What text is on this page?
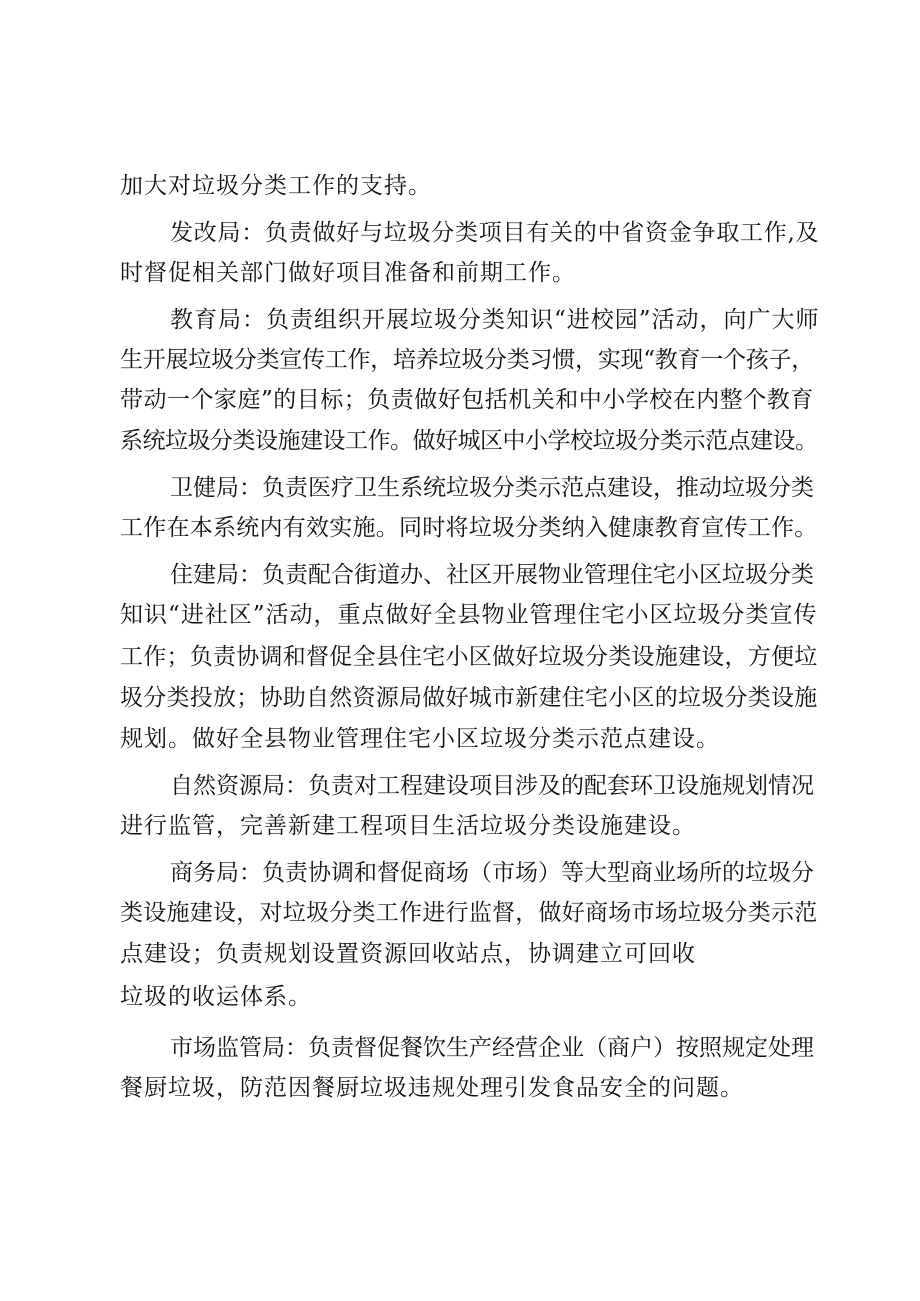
加大对垃圾分类工作的支持。
发改局：负责做好与垃圾分类项目有关的中省资金争取工作,及
时督促相关部门做好项目准备和前期工作。
教育局：负责组织开展垃圾分类知识“进校园”活动，向广大师
生开展垃圾分类宣传工作，培养垃圾分类习惯，实现“教育一个孩子，
带动一个家庭”的目标；负责做好包括机关和中小学校在内整个教育
系统垃圾分类设施建设工作。做好城区中小学校垃圾分类示范点建设。
卫健局：负责医疗卫生系统垃圾分类示范点建设，推动垃圾分类
工作在本系统内有效实施。同时将垃圾分类纳入健康教育宣传工作。
住建局：负责配合街道办、社区开展物业管理住宅小区垃圾分类
知识“进社区”活动，重点做好全县物业管理住宅小区垃圾分类宣传
工作；负责协调和督促全县住宅小区做好垃圾分类设施建设，方便垃
圾分类投放；协助自然资源局做好城市新建住宅小区的垃圾分类设施
规划。做好全县物业管理住宅小区垃圾分类示范点建设。
自然资源局：负责对工程建设项目涉及的配套环卫设施规划情况
进行监管，完善新建工程项目生活垃圾分类设施建设。
商务局：负责协调和督促商场（市场）等大型商业场所的垃圾分
类设施建设，对垃圾分类工作进行监督，做好商场市场垃圾分类示范
点建设；负责规划设置资源回收站点，协调建立可回收
垃圾的收运体系。
市场监管局：负责督促餐饮生产经营企业（商户）按照规定处理
餐厨垃圾，防范因餐厨垃圾违规处理引发食品安全的问题。
